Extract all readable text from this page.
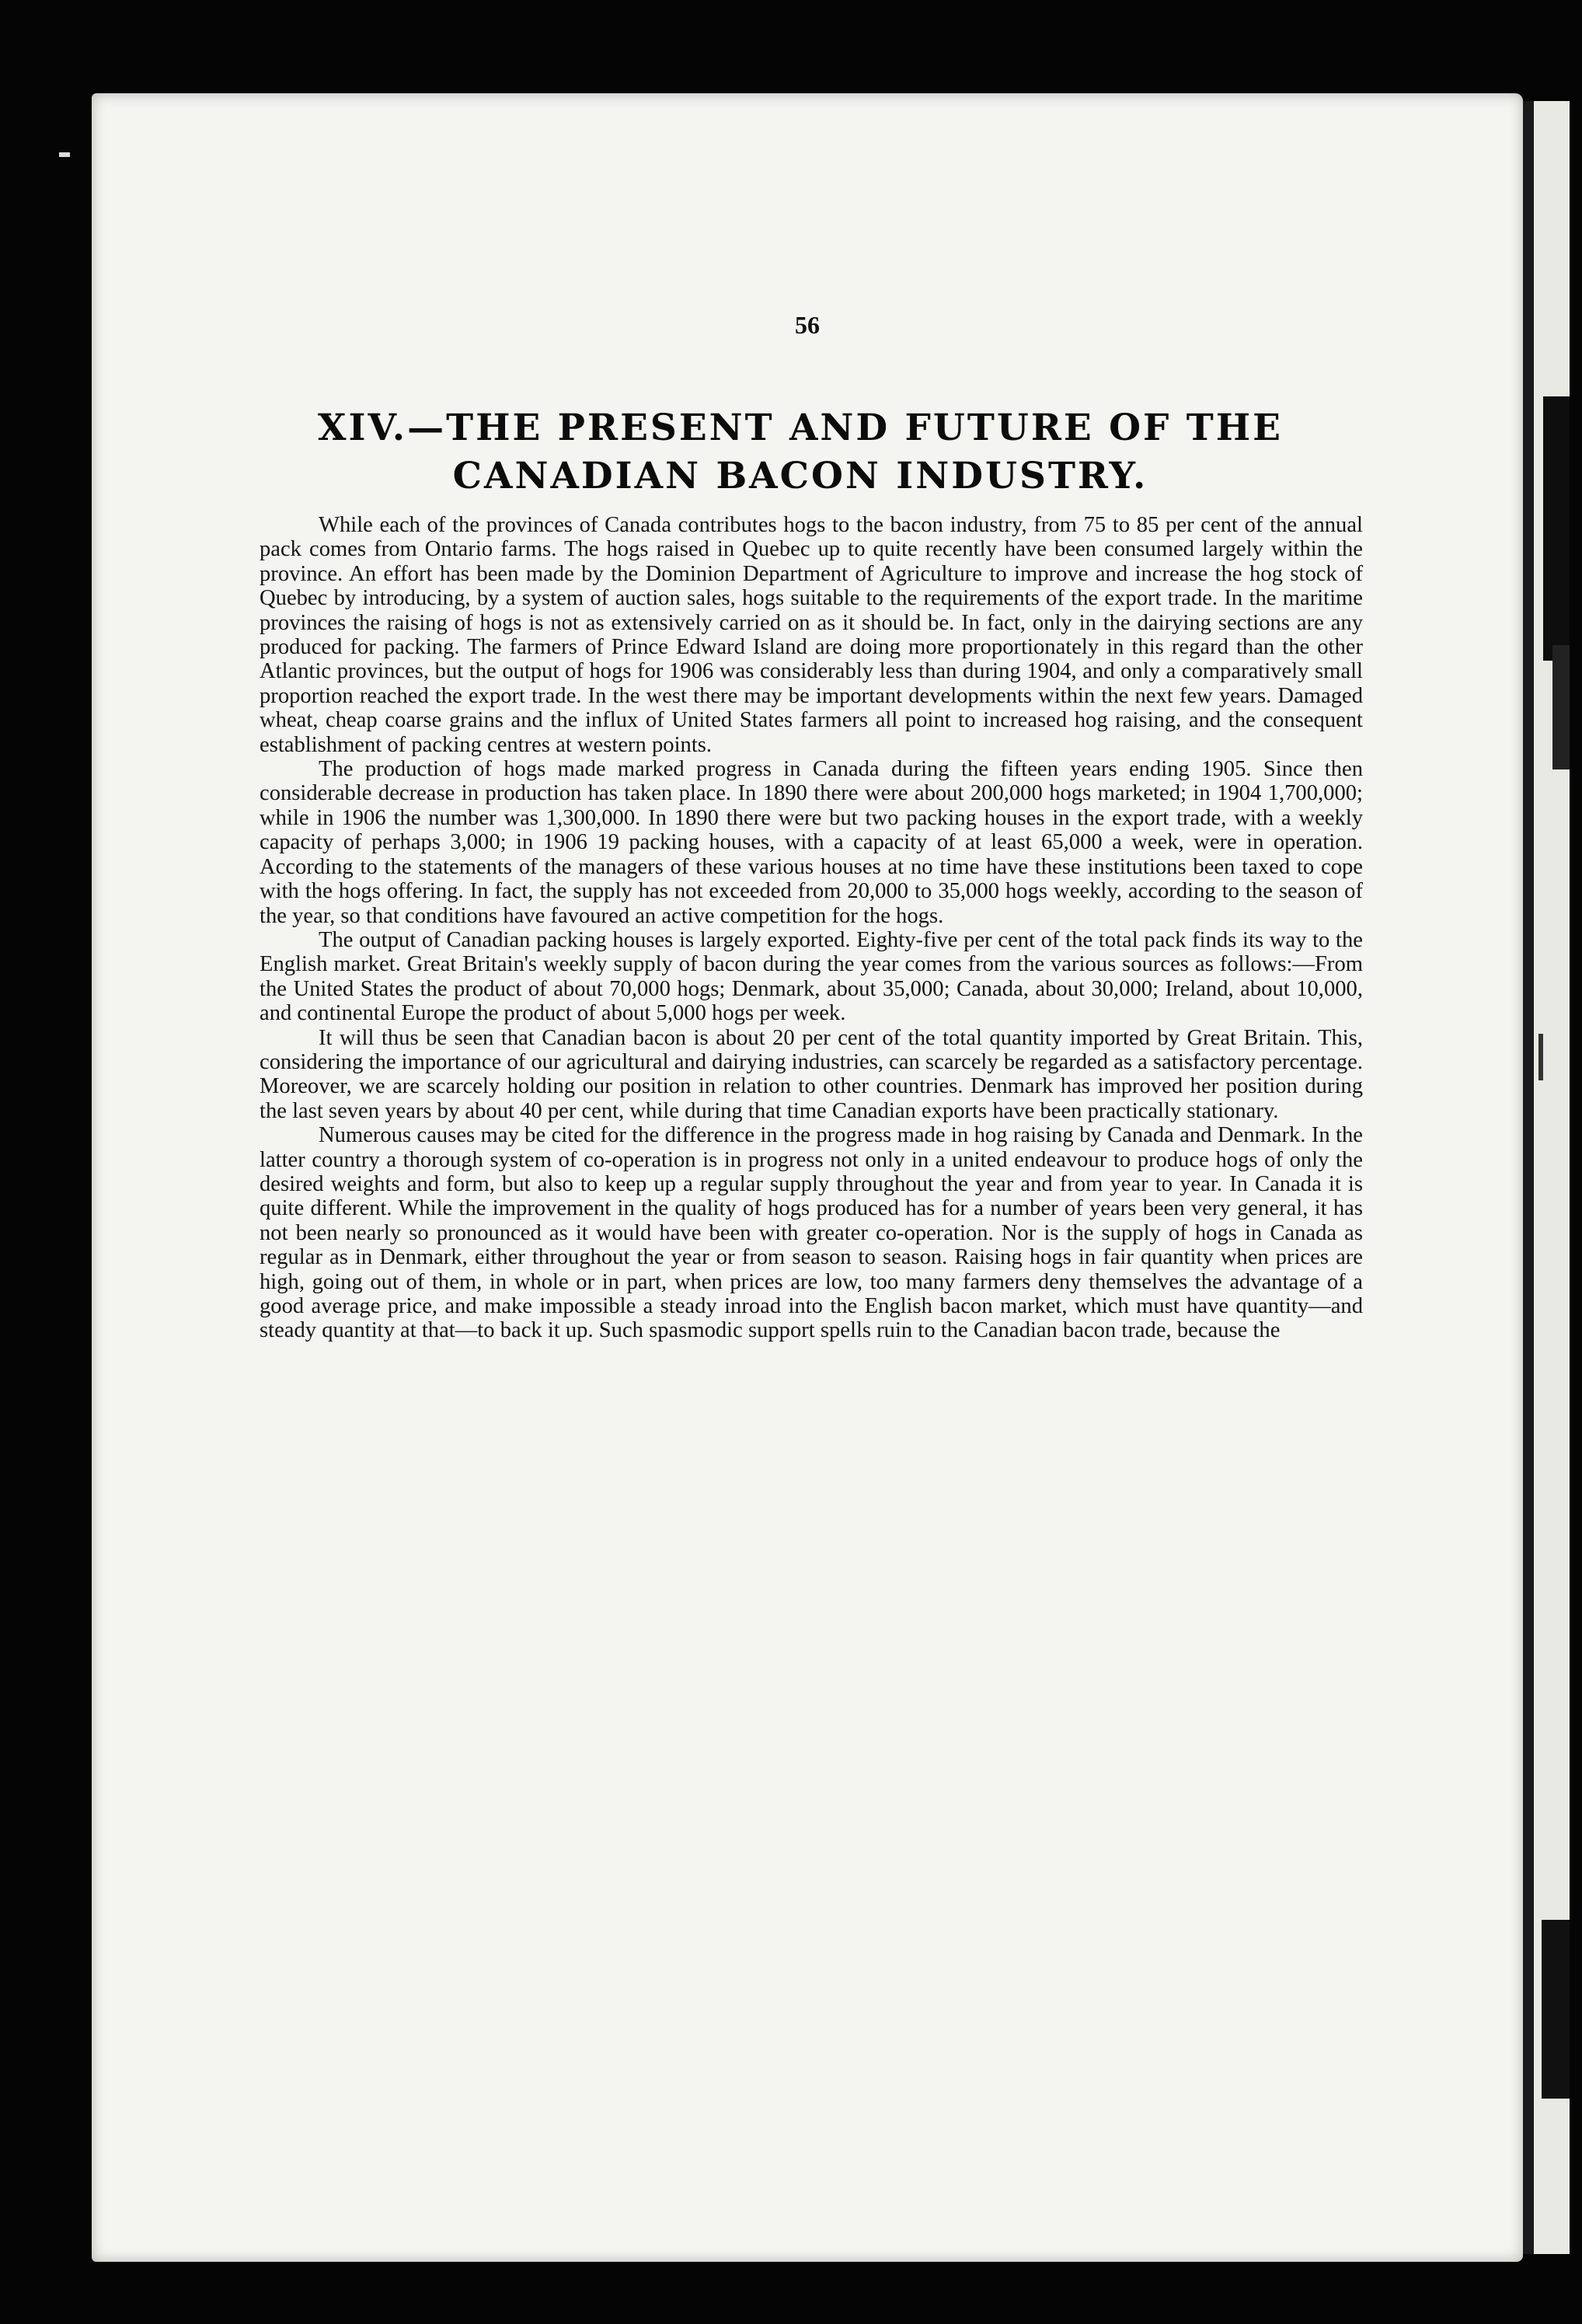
56
XIV.—THE PRESENT AND FUTURE OF THE CANADIAN BACON INDUSTRY.

While each of the provinces of Canada contributes hogs to the bacon industry, from 75 to 85 per cent of the annual pack comes from Ontario farms. The hogs raised in Quebec up to quite recently have been consumed largely within the province. An effort has been made by the Dominion Department of Agriculture to improve and increase the hog stock of Quebec by introducing, by a system of auction sales, hogs suitable to the requirements of the export trade. In the maritime provinces the raising of hogs is not as extensively carried on as it should be. In fact, only in the dairying sections are any produced for packing. The farmers of Prince Edward Island are doing more proportionately in this regard than the other Atlantic provinces, but the output of hogs for 1906 was considerably less than during 1904, and only a comparatively small proportion reached the export trade. In the west there may be important developments within the next few years. Damaged wheat, cheap coarse grains and the influx of United States farmers all point to increased hog raising, and the consequent establishment of packing centres at western points.

The production of hogs made marked progress in Canada during the fifteen years ending 1905. Since then considerable decrease in production has taken place. In 1890 there were about 200,000 hogs marketed; in 1904 1,700,000; while in 1906 the number was 1,300,000. In 1890 there were but two packing houses in the export trade, with a weekly capacity of perhaps 3,000; in 1906 19 packing houses, with a capacity of at least 65,000 a week, were in operation. According to the statements of the managers of these various houses at no time have these institutions been taxed to cope with the hogs offering. In fact, the supply has not exceeded from 20,000 to 35,000 hogs weekly, according to the season of the year, so that conditions have favoured an active competition for the hogs.

The output of Canadian packing houses is largely exported. Eighty-five per cent of the total pack finds its way to the English market. Great Britain's weekly supply of bacon during the year comes from the various sources as follows:—From the United States the product of about 70,000 hogs; Denmark, about 35,000; Canada, about 30,000; Ireland, about 10,000, and continental Europe the product of about 5,000 hogs per week.

It will thus be seen that Canadian bacon is about 20 per cent of the total quantity imported by Great Britain. This, considering the importance of our agricultural and dairying industries, can scarcely be regarded as a satisfactory percentage. Moreover, we are scarcely holding our position in relation to other countries. Denmark has improved her position during the last seven years by about 40 per cent, while during that time Canadian exports have been practically stationary.

Numerous causes may be cited for the difference in the progress made in hog raising by Canada and Denmark. In the latter country a thorough system of co-operation is in progress not only in a united endeavour to produce hogs of only the desired weights and form, but also to keep up a regular supply throughout the year and from year to year. In Canada it is quite different. While the improvement in the quality of hogs produced has for a number of years been very general, it has not been nearly so pronounced as it would have been with greater co-operation. Nor is the supply of hogs in Canada as regular as in Denmark, either throughout the year or from season to season. Raising hogs in fair quantity when prices are high, going out of them, in whole or in part, when prices are low, too many farmers deny themselves the advantage of a good average price, and make impossible a steady inroad into the English bacon market, which must have quantity—and steady quantity at that—to back it up. Such spasmodic support spells ruin to the Canadian bacon trade, because the
